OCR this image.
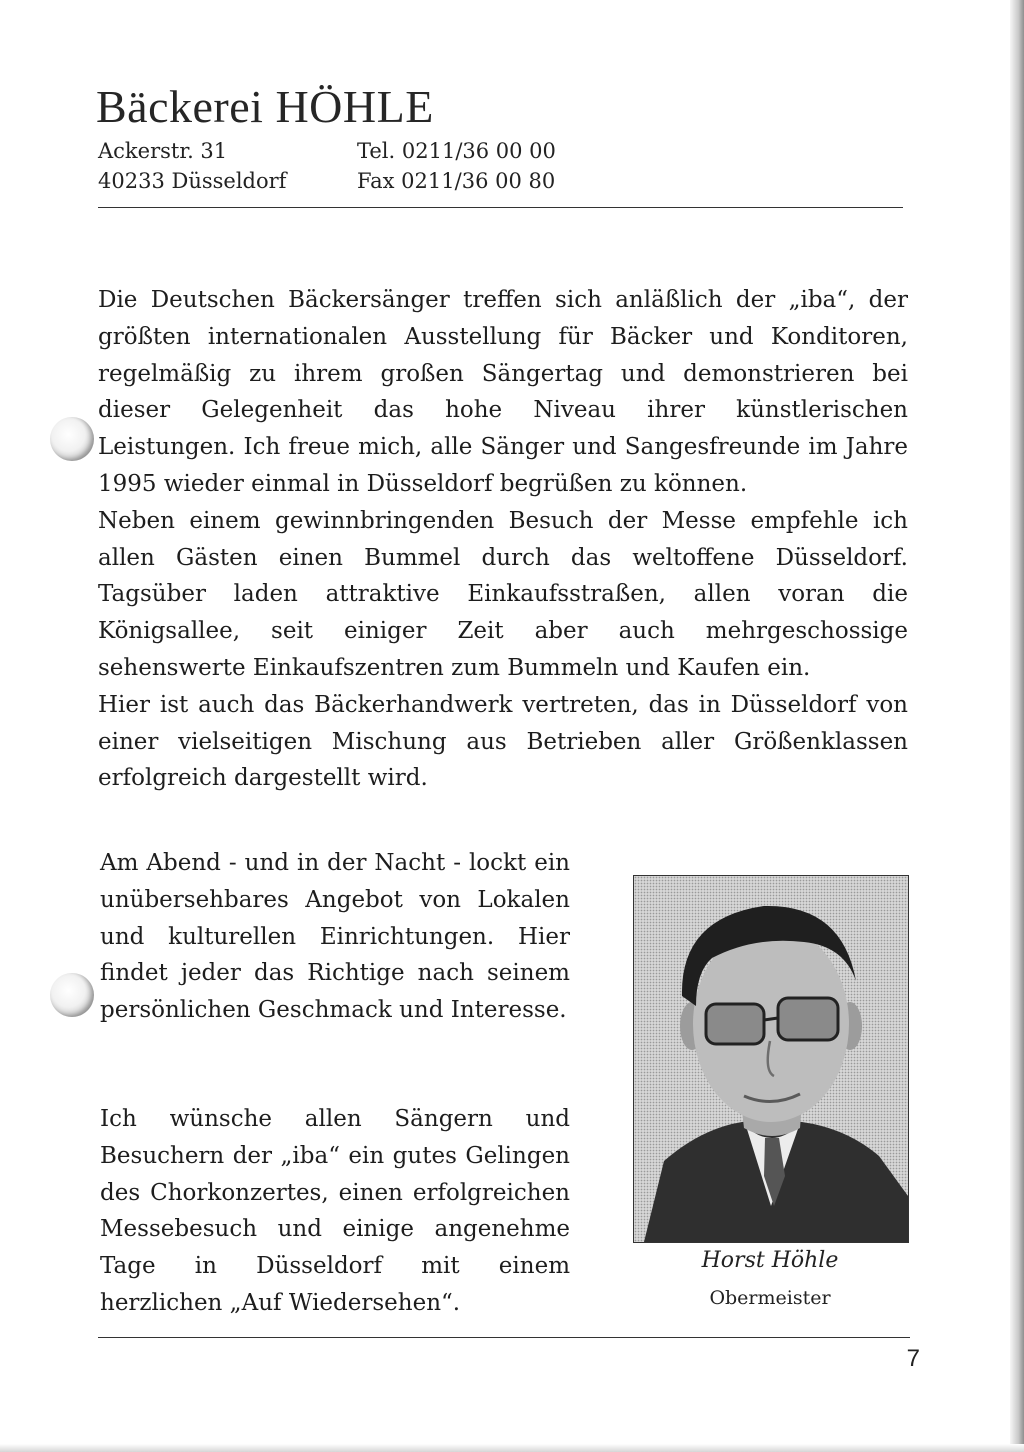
Bäckerei HÖHLE
Ackerstr. 31
40233 Düsseldorf
Tel. 0211/36 00 00
Fax 0211/36 00 80

Die Deutschen Bäckersänger treffen sich anläßlich der „iba“, der größten internationalen Ausstellung für Bäcker und Konditoren, regelmäßig zu ihrem großen Sängertag und demonstrieren bei dieser Gelegenheit das hohe Niveau ihrer künstlerischen Leistungen. Ich freue mich, alle Sänger und Sangesfreunde im Jahre 1995 wieder einmal in Düsseldorf begrüßen zu können.

Neben einem gewinnbringenden Besuch der Messe empfehle ich allen Gästen einen Bummel durch das weltoffene Düsseldorf. Tagsüber laden attraktive Einkaufsstraßen, allen voran die Königsallee, seit einiger Zeit aber auch mehrgeschossige sehenswerte Einkaufszentren zum Bummeln und Kaufen ein.

Hier ist auch das Bäckerhandwerk vertreten, das in Düsseldorf von einer vielseitigen Mischung aus Betrieben aller Größenklassen erfolgreich dargestellt wird.

Am Abend - und in der Nacht - lockt ein unübersehbares Angebot von Lokalen und kulturellen Einrichtungen. Hier findet jeder das Richtige nach seinem persönlichen Geschmack und Interesse.

Ich wünsche allen Sängern und Besuchern der „iba“ ein gutes Gelingen des Chorkonzertes, einen erfolgreichen Messebesuch und einige angenehme Tage in Düsseldorf mit einem herzlichen „Auf Wiedersehen“.

Horst Höhle
Obermeister
7
